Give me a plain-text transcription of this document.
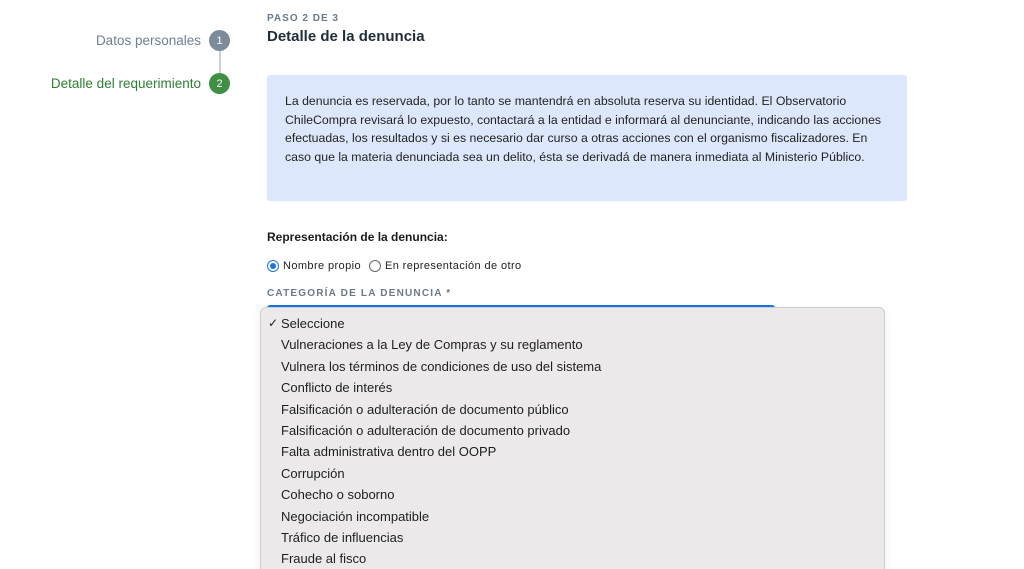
Datos personales	1
Detalle del requerimiento	2
PASO 2 DE 3
Detalle de la denuncia
La denuncia es reservada, por lo tanto se mantendrá en absoluta reserva su identidad. El Observatorio ChileCompra revisará lo expuesto, contactará a la entidad e informará al denunciante, indicando las acciones efectuadas, los resultados y si es necesario dar curso a otras acciones con el organismo fiscalizadores. En caso que la materia denunciada sea un delito, ésta se derivadá de manera inmediata al Ministerio Público.
Representación de la denuncia:
Nombre propio En representación de otro
CATEGORÍA DE LA DENUNCIA *
✓ Seleccione
Vulneraciones a la Ley de Compras y su reglamento
Vulnera los términos de condiciones de uso del sistema
Conflicto de interés
Falsificación o adulteración de documento público
Falsificación o adulteración de documento privado
Falta administrativa dentro del OOPP
Corrupción
Cohecho o soborno
Negociación incompatible
Tráfico de influencias
Fraude al fisco
